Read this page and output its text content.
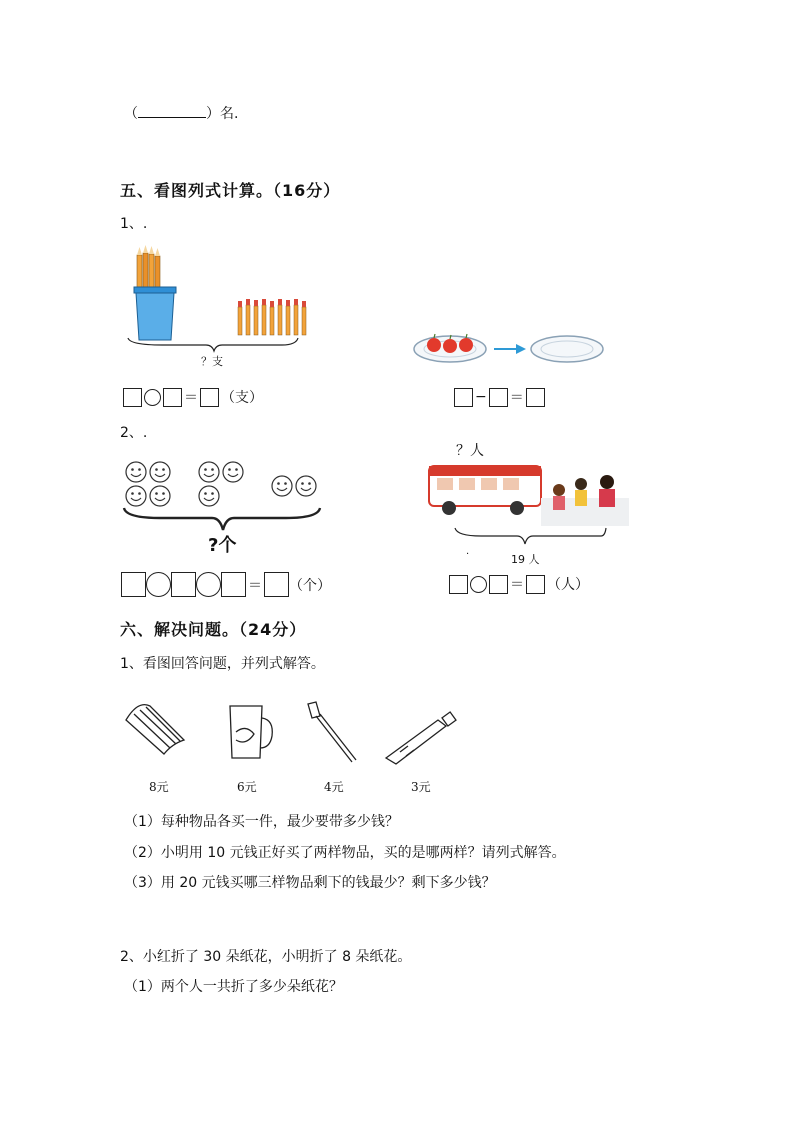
（	）名.
五、看图列式计算。（16分）
1、.
？支
＝ （支）	− ＝
2、.
?个
？人
.
19 人
＝ （个）	＝ （人）
六、解决问题。（24分）
1、看图回答问题，并列式解答。
8元	6元	4元	3元
（1）每种物品各买一件，最少要带多少钱？
（2）小明用 10 元钱正好买了两样物品，买的是哪两样？请列式解答。
（3）用 20 元钱买哪三样物品剩下的钱最少？剩下多少钱？
2、小红折了 30 朵纸花，小明折了 8 朵纸花。
（1）两个人一共折了多少朵纸花？
